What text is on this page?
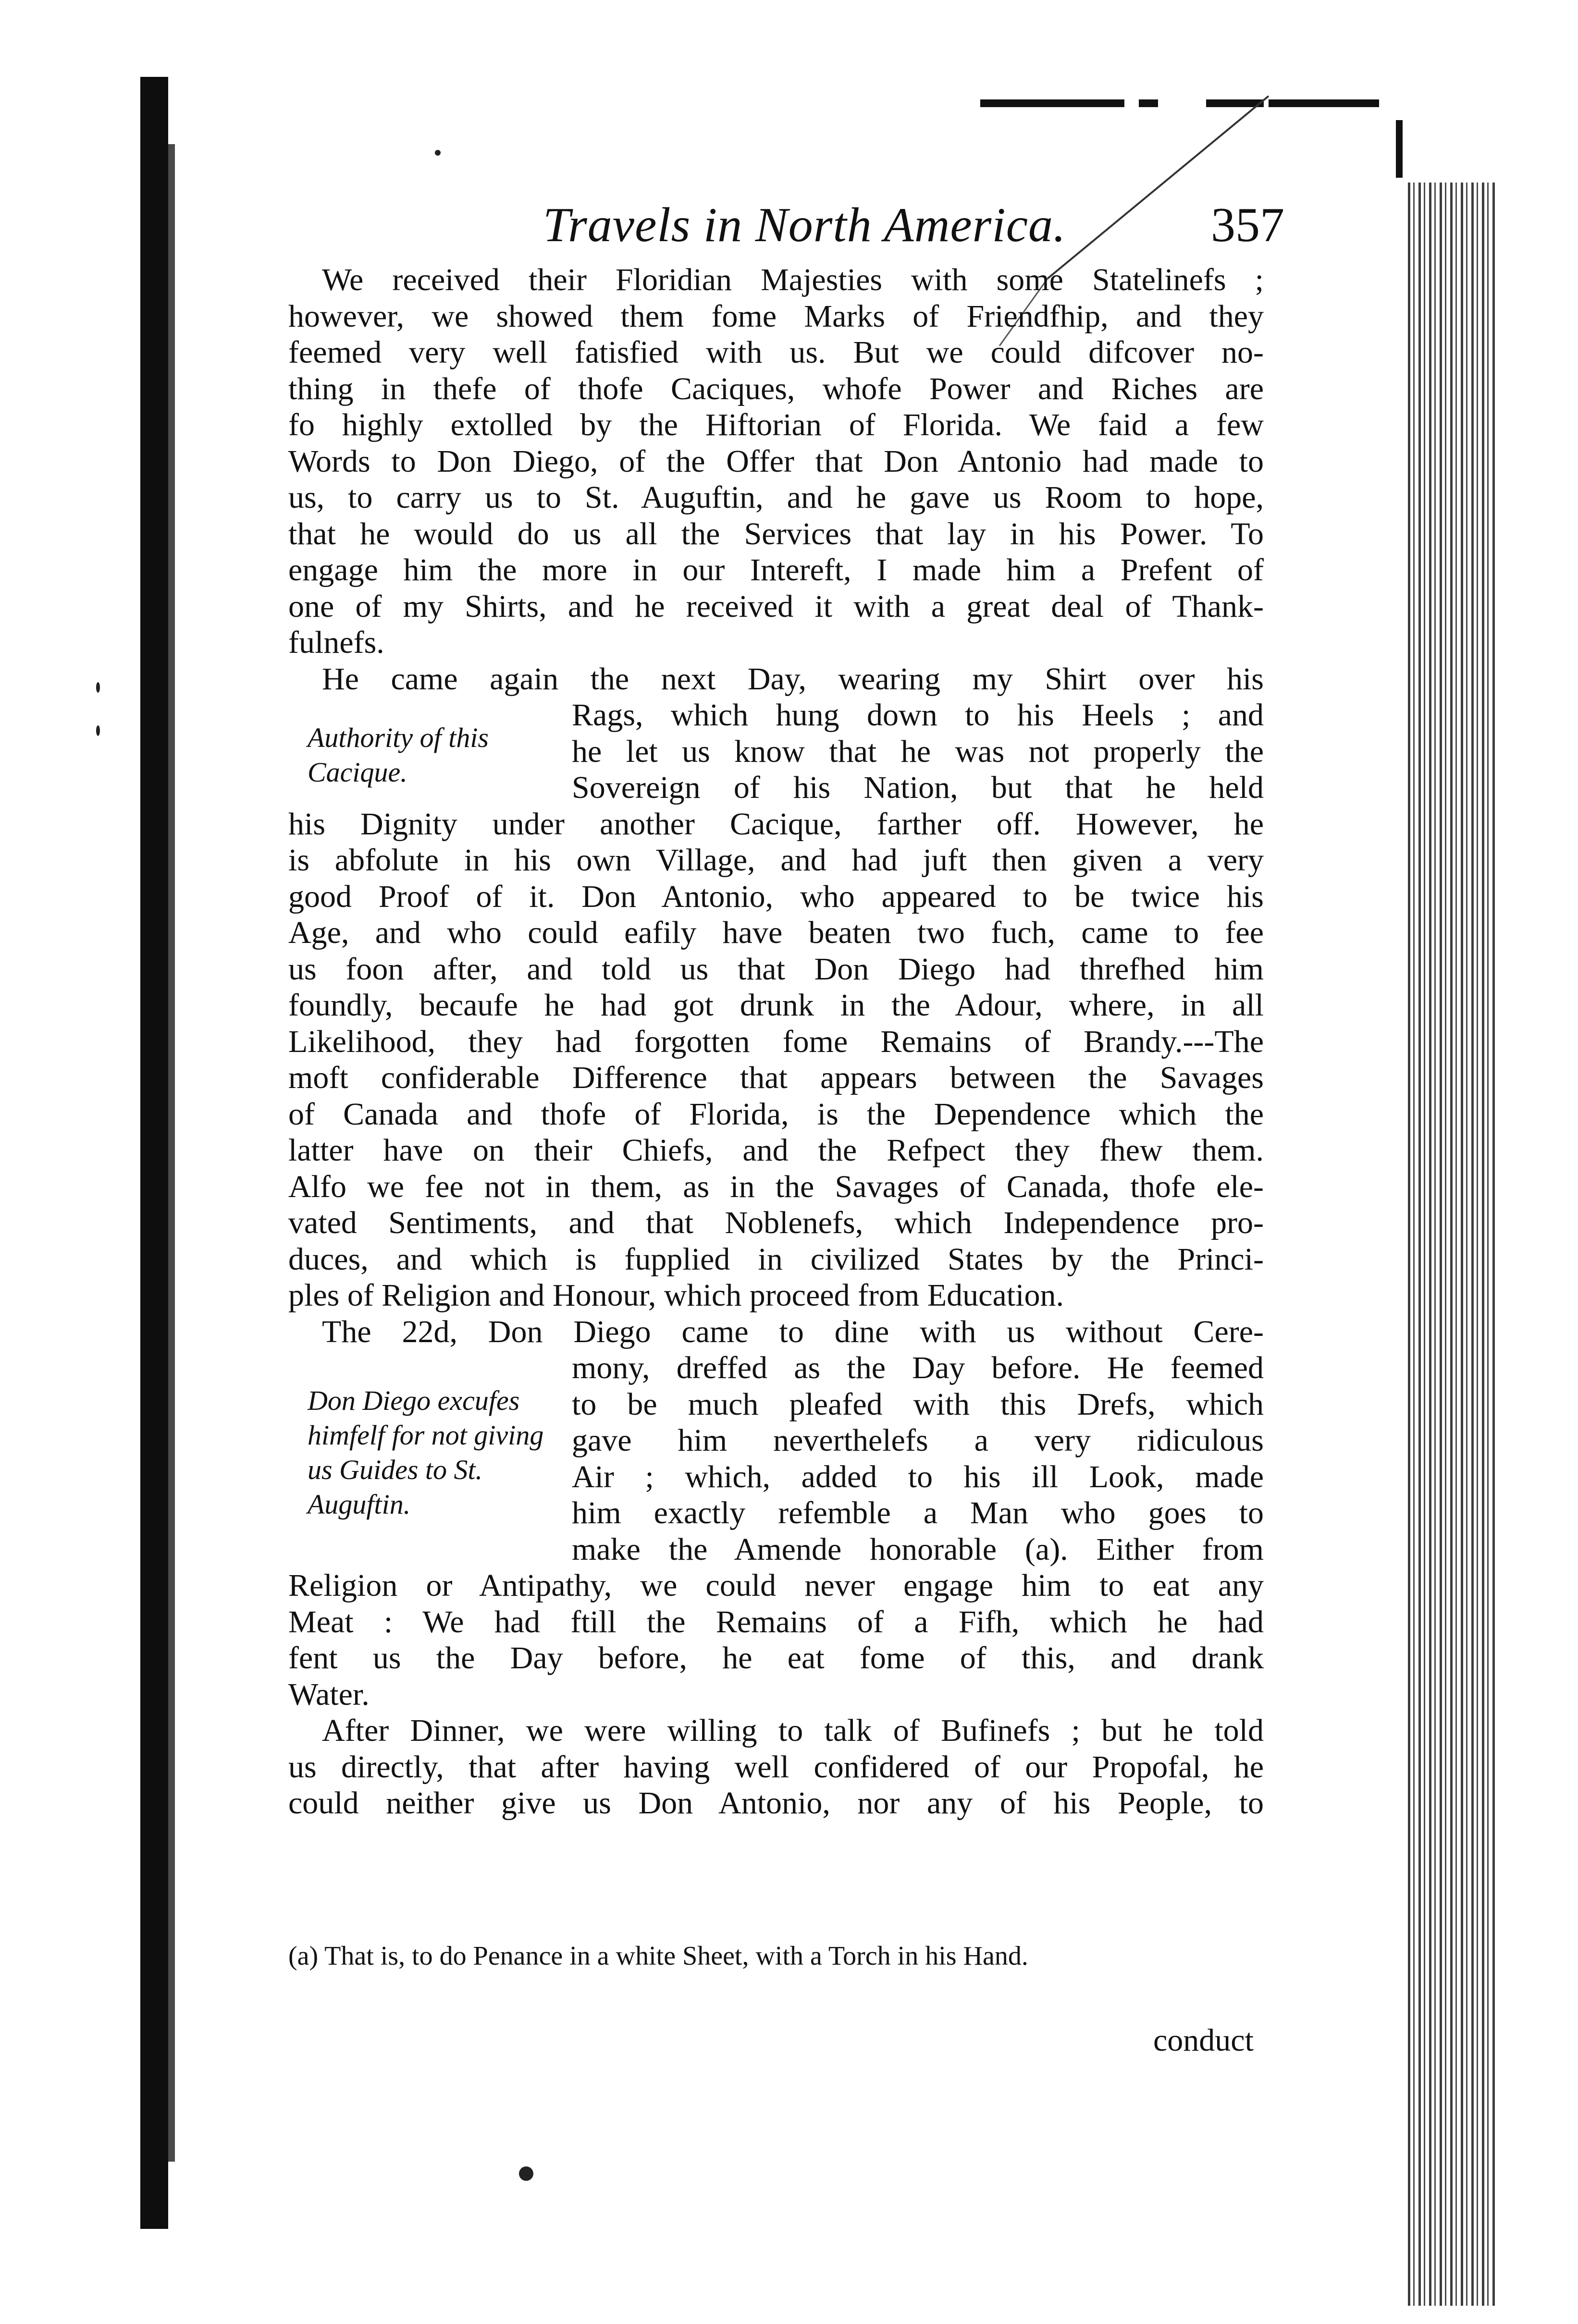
Travels in North America.	357
We received their Floridian Majesties with some Statelinefs ;
however, we showed them fome Marks of Friendfhip, and they
feemed very well fatisfied with us. But we could difcover no-
thing in thefe of thofe Caciques, whofe Power and Riches are
fo highly extolled by the Hiftorian of Florida. We faid a few
Words to Don Diego, of the Offer that Don Antonio had made to
us, to carry us to St. Auguftin, and he gave us Room to hope,
that he would do us all the Services that lay in his Power. To
engage him the more in our Intereft, I made him a Prefent of
one of my Shirts, and he received it with a great deal of Thank-
fulnefs.
He came again the next Day, wearing my Shirt over his
Rags, which hung down to his Heels ; and
he let us know that he was not properly the
Sovereign of his Nation, but that he held
his Dignity under another Cacique, farther off. However, he
is abfolute in his own Village, and had juft then given a very
good Proof of it. Don Antonio, who appeared to be twice his
Age, and who could eafily have beaten two fuch, came to fee
us foon after, and told us that Don Diego had threfhed him
foundly, becaufe he had got drunk in the Adour, where, in all
Likelihood, they had forgotten fome Remains of Brandy.---The
moft confiderable Difference that appears between the Savages
of Canada and thofe of Florida, is the Dependence which the
latter have on their Chiefs, and the Refpect they fhew them.
Alfo we fee not in them, as in the Savages of Canada, thofe ele-
vated Sentiments, and that Noblenefs, which Independence pro-
duces, and which is fupplied in civilized States by the Princi-
ples of Religion and Honour, which proceed from Education.
The 22d, Don Diego came to dine with us without Cere-
mony, dreffed as the Day before. He feemed
to be much pleafed with this Drefs, which
gave him neverthelefs a very ridiculous
Air ; which, added to his ill Look, made
him exactly refemble a Man who goes to
make the Amende honorable (a). Either from
Religion or Antipathy, we could never engage him to eat any
Meat : We had ftill the Remains of a Fifh, which he had
fent us the Day before, he eat fome of this, and drank
Water.
After Dinner, we were willing to talk of Bufinefs ; but he told
us directly, that after having well confidered of our Propofal, he
could neither give us Don Antonio, nor any of his People, to
Authority of this Cacique.
Don Diego excufes himfelf for not giving us Guides to St. Auguftin.
(a) That is, to do Penance in a white Sheet, with a Torch in his Hand.
conduct
